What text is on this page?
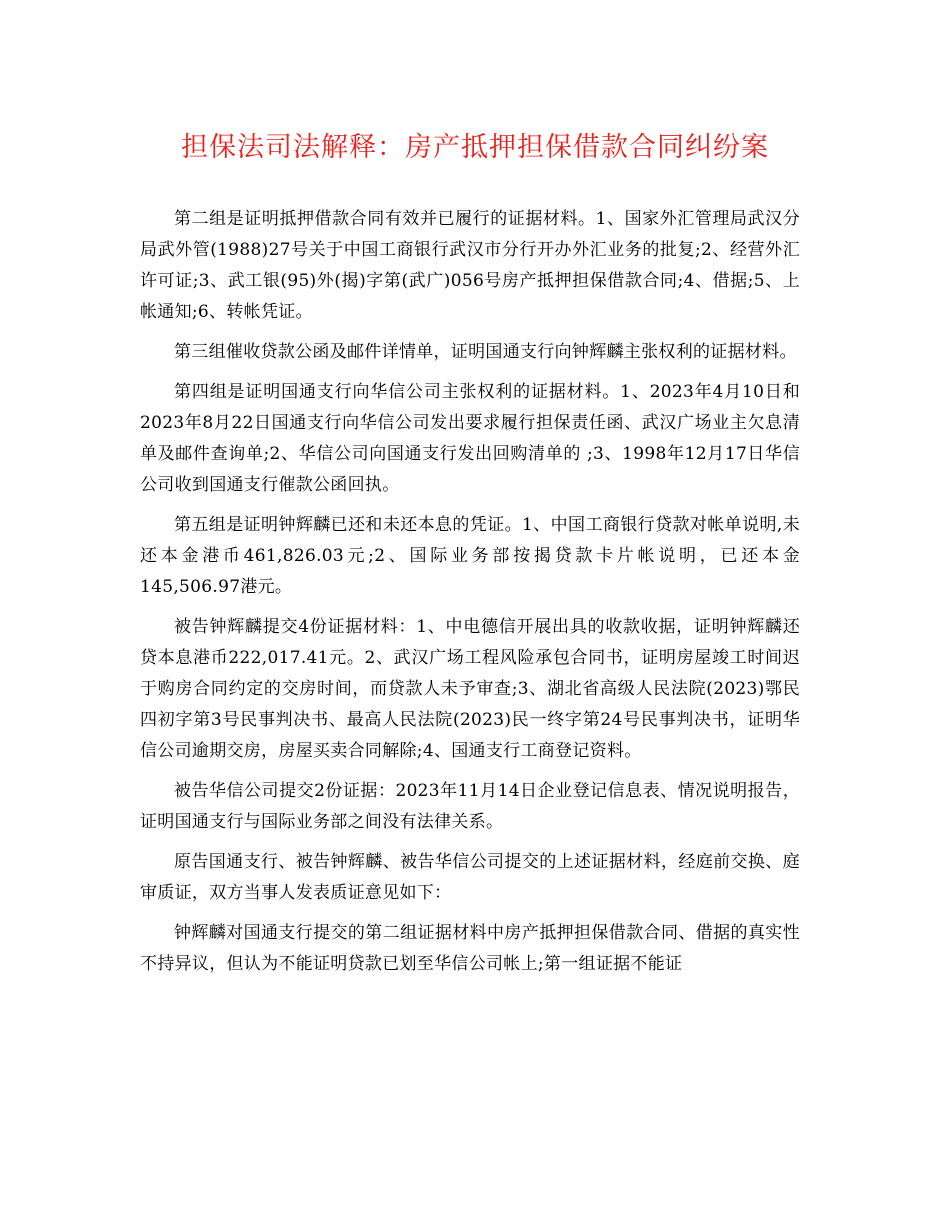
担保法司法解释：房产抵押担保借款合同纠纷案

第二组是证明抵押借款合同有效并已履行的证据材料。1、国家外汇管理局武汉分局武外管(1988)27号关于中国工商银行武汉市分行开办外汇业务的批复;2、经营外汇许可证;3、武工银(95)外(揭)字第(武广)056号房产抵押担保借款合同;4、借据;5、上帐通知;6、转帐凭证。

第三组催收贷款公函及邮件详情单，证明国通支行向钟辉麟主张权利的证据材料。

第四组是证明国通支行向华信公司主张权利的证据材料。1、2023年4月10日和2023年8月22日国通支行向华信公司发出要求履行担保责任函、武汉广场业主欠息清单及邮件查询单;2、华信公司向国通支行发出回购清单的 ;3、1998年12月17日华信公司收到国通支行催款公函回执。

第五组是证明钟辉麟已还和未还本息的凭证。1、中国工商银行贷款对帐单说明,未还本金港币461,826.03元;2、国际业务部按揭贷款卡片帐说明，已还本金145,506.97港元。

被告钟辉麟提交4份证据材料：1、中电德信开展出具的收款收据，证明钟辉麟还贷本息港币222,017.41元。2、武汉广场工程风险承包合同书，证明房屋竣工时间迟于购房合同约定的交房时间，而贷款人未予审查;3、湖北省高级人民法院(2023)鄂民四初字第3号民事判决书、最高人民法院(2023)民一终字第24号民事判决书，证明华信公司逾期交房，房屋买卖合同解除;4、国通支行工商登记资料。

被告华信公司提交2份证据：2023年11月14日企业登记信息表、情况说明报告，证明国通支行与国际业务部之间没有法律关系。

原告国通支行、被告钟辉麟、被告华信公司提交的上述证据材料，经庭前交换、庭审质证，双方当事人发表质证意见如下：

钟辉麟对国通支行提交的第二组证据材料中房产抵押担保借款合同、借据的真实性不持异议，但认为不能证明贷款已划至华信公司帐上;第一组证据不能证
